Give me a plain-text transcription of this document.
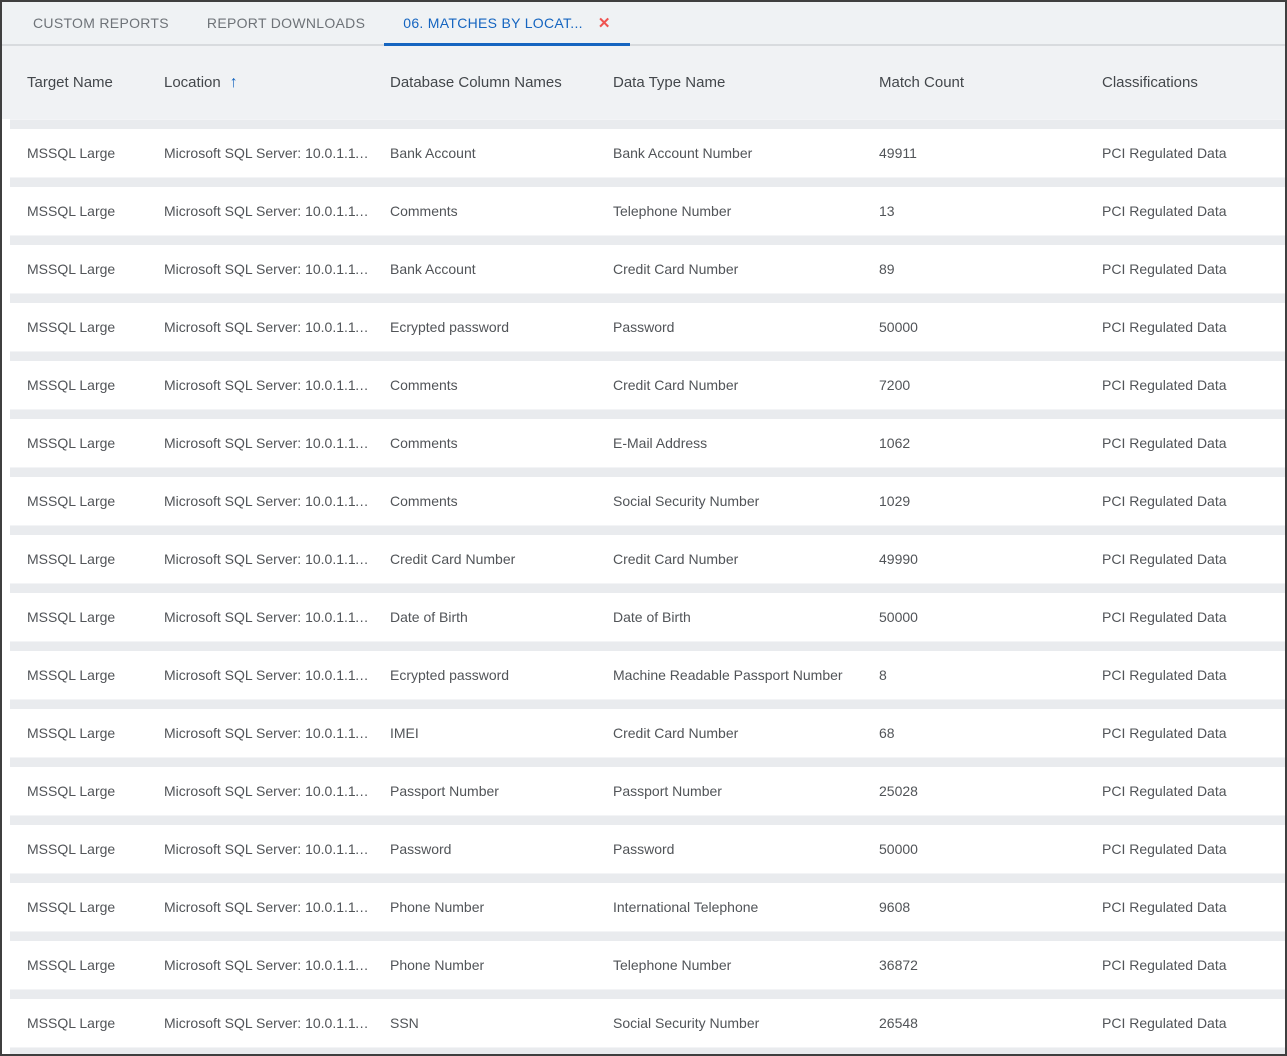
CUSTOM REPORTS	REPORT DOWNLOADS	06. MATCHES BY LOCAT... ✕
Target Name	Location ↑	Database Column Names	Data Type Name	Match Count	Classifications
MSSQL Large	Microsoft SQL Server: 10.0.1.11…	Bank Account	Bank Account Number	49911	PCI Regulated Data
MSSQL Large	Microsoft SQL Server: 10.0.1.11…	Comments	Telephone Number	13	PCI Regulated Data
MSSQL Large	Microsoft SQL Server: 10.0.1.11…	Bank Account	Credit Card Number	89	PCI Regulated Data
MSSQL Large	Microsoft SQL Server: 10.0.1.11…	Ecrypted password	Password	50000	PCI Regulated Data
MSSQL Large	Microsoft SQL Server: 10.0.1.11…	Comments	Credit Card Number	7200	PCI Regulated Data
MSSQL Large	Microsoft SQL Server: 10.0.1.11…	Comments	E-Mail Address	1062	PCI Regulated Data
MSSQL Large	Microsoft SQL Server: 10.0.1.11…	Comments	Social Security Number	1029	PCI Regulated Data
MSSQL Large	Microsoft SQL Server: 10.0.1.11…	Credit Card Number	Credit Card Number	49990	PCI Regulated Data
MSSQL Large	Microsoft SQL Server: 10.0.1.11…	Date of Birth	Date of Birth	50000	PCI Regulated Data
MSSQL Large	Microsoft SQL Server: 10.0.1.11…	Ecrypted password	Machine Readable Passport Number	8	PCI Regulated Data
MSSQL Large	Microsoft SQL Server: 10.0.1.11…	IMEI	Credit Card Number	68	PCI Regulated Data
MSSQL Large	Microsoft SQL Server: 10.0.1.11…	Passport Number	Passport Number	25028	PCI Regulated Data
MSSQL Large	Microsoft SQL Server: 10.0.1.11…	Password	Password	50000	PCI Regulated Data
MSSQL Large	Microsoft SQL Server: 10.0.1.11…	Phone Number	International Telephone	9608	PCI Regulated Data
MSSQL Large	Microsoft SQL Server: 10.0.1.11…	Phone Number	Telephone Number	36872	PCI Regulated Data
MSSQL Large	Microsoft SQL Server: 10.0.1.11…	SSN	Social Security Number	26548	PCI Regulated Data
